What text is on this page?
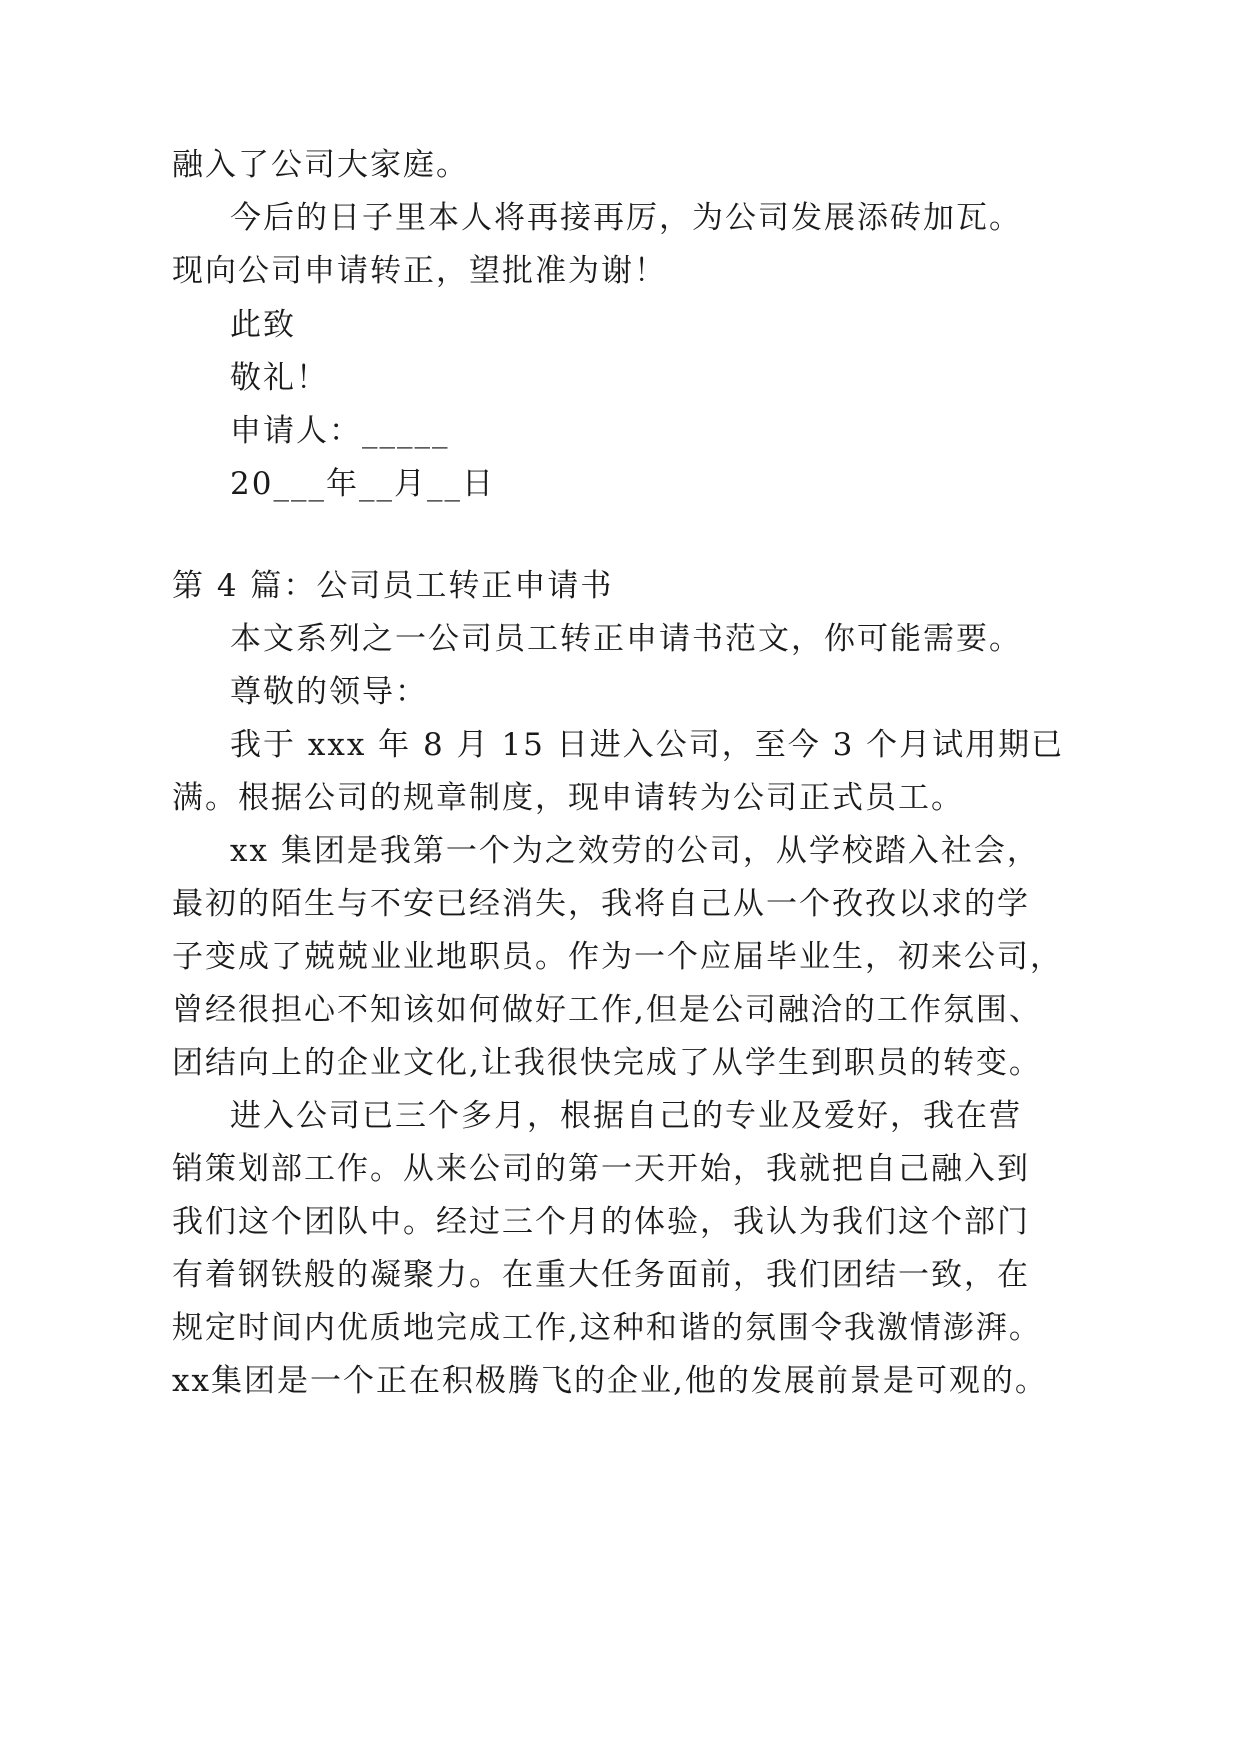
融入了公司大家庭。
今后的日子里本人将再接再厉，为公司发展添砖加瓦。
现向公司申请转正，望批准为谢！
此致
敬礼！
申请人：_____
20___年__月__日
第 4 篇：公司员工转正申请书
本文系列之一公司员工转正申请书范文，你可能需要。
尊敬的领导：
我于 xxx 年 8 月 15 日进入公司，至今 3 个月试用期已
满。根据公司的规章制度，现申请转为公司正式员工。
xx 集团是我第一个为之效劳的公司，从学校踏入社会，
最初的陌生与不安已经消失，我将自己从一个孜孜以求的学
子变成了兢兢业业地职员。作为一个应届毕业生，初来公司，
曾经很担心不知该如何做好工作,但是公司融洽的工作氛围、
团结向上的企业文化,让我很快完成了从学生到职员的转变。
进入公司已三个多月，根据自己的专业及爱好，我在营
销策划部工作。从来公司的第一天开始，我就把自己融入到
我们这个团队中。经过三个月的体验，我认为我们这个部门
有着钢铁般的凝聚力。在重大任务面前，我们团结一致，在
规定时间内优质地完成工作,这种和谐的氛围令我激情澎湃。
xx集团是一个正在积极腾飞的企业,他的发展前景是可观的。
